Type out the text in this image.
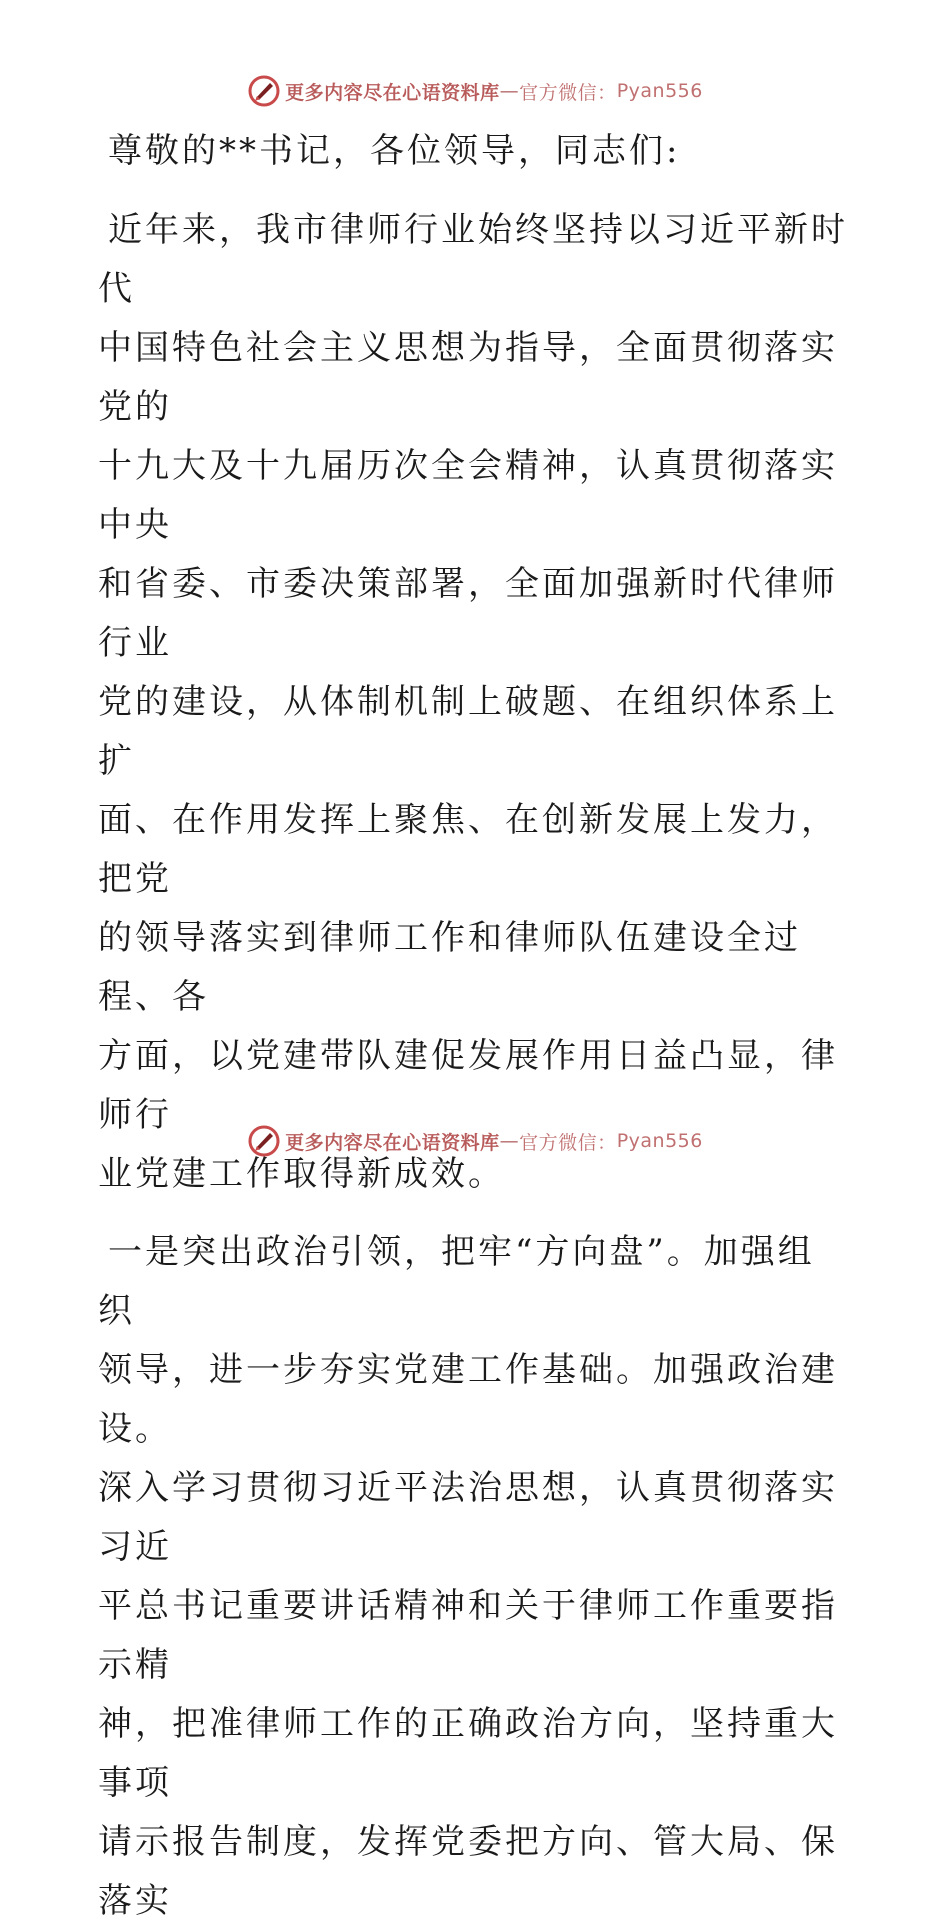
更多内容尽在心语资料库 — 官方微信： Pyan556

尊敬的**书记，各位领导，同志们:

近年来，我市律师行业始终坚持以习近平新时代
中国特色社会主义思想为指导，全面贯彻落实党的
十九大及十九届历次全会精神，认真贯彻落实中央
和省委、市委决策部署，全面加强新时代律师行业
党的建设，从体制机制上破题、在组织体系上扩
面、在作用发挥上聚焦、在创新发展上发力，把党
的领导落实到律师工作和律师队伍建设全过程、各
方面，以党建带队建促发展作用日益凸显，律师行
业党建工作取得新成效。

一是突出政治引领，把牢“方向盘”。加强组织
领导，进一步夯实党建工作基础。加强政治建设。
深入学习贯彻习近平法治思想，认真贯彻落实习近
平总书记重要讲话精神和关于律师工作重要指示精
神，把准律师工作的正确政治方向，坚持重大事项
请示报告制度，发挥党委把方向、管大局、保落实

更多内容尽在心语资料库 — 官方微信： Pyan556
